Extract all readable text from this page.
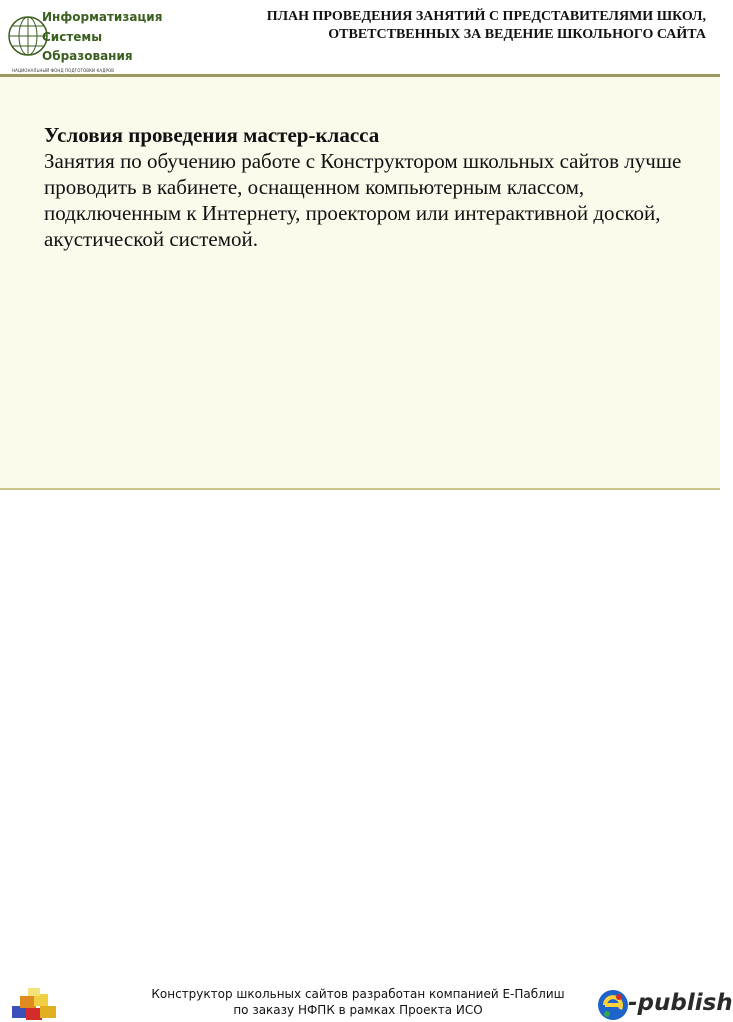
Информатизация
Системы
Образования
НАЦИОНАЛЬНЫЙ ФОНД ПОДГОТОВКИ КАДРОВ
ПЛАН ПРОВЕДЕНИЯ ЗАНЯТИЙ С ПРЕДСТАВИТЕЛЯМИ ШКОЛ,
ОТВЕТСТВЕННЫХ ЗА ВЕДЕНИЕ ШКОЛЬНОГО САЙТА
Условия проведения мастер-класса
Занятия по обучению работе с Конструктором школьных сайтов лучше проводить в кабинете, оснащенном компьютерным классом, подключенным к Интернету, проектором или интерактивной доской, акустической системой.
Конструктор школьных сайтов разработан компанией Е-Паблиш
по заказу НФПК в рамках Проекта ИСО	-publish
